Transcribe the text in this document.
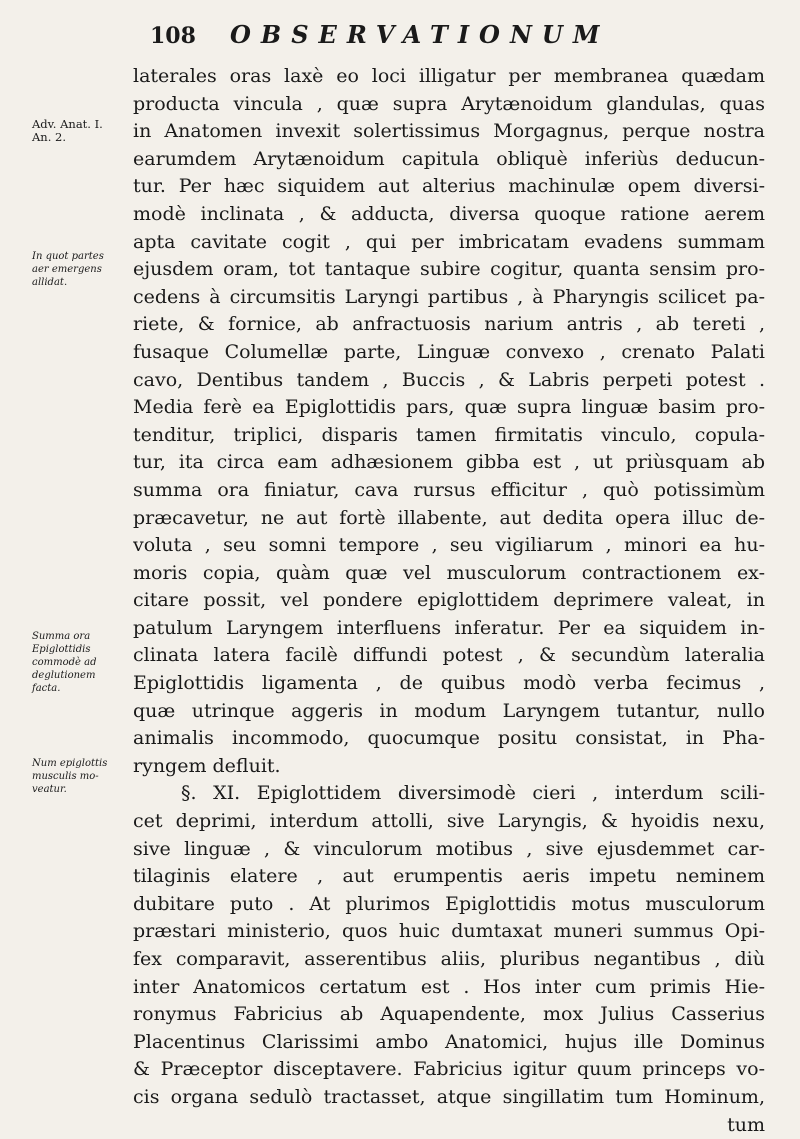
108	OBSERVATIONUM
Adv. Anat. I.
An. 2.
In quot partes
aer emergens
allidat.
Summa ora
Epiglottidis
commodè ad
deglutionem
facta.
Num epiglottis
musculis mo-
veatur.
laterales oras laxè eo loci illigatur per membranea quædam
producta vincula , quæ supra Arytænoidum glandulas, quas
in Anatomen invexit solertissimus Morgagnus, perque nostra
earumdem Arytænoidum capitula obliquè inferiùs deducun-
tur. Per hæc siquidem aut alterius machinulæ opem diversi-
modè inclinata , & adducta, diversa quoque ratione aerem
apta cavitate cogit , qui per imbricatam evadens summam
ejusdem oram, tot tantaque subire cogitur, quanta sensim pro-
cedens à circumsitis Laryngi partibus , à Pharyngis scilicet pa-
riete, & fornice, ab anfractuosis narium antris , ab tereti ,
fusaque Columellæ parte, Linguæ convexo , crenato Palati
cavo, Dentibus tandem , Buccis , & Labris perpeti potest .
Media ferè ea Epiglottidis pars, quæ supra linguæ basim pro-
tenditur, triplici, disparis tamen firmitatis vinculo, copula-
tur, ita circa eam adhæsionem gibba est , ut priùsquam ab
summa ora finiatur, cava rursus efficitur , quò potissimùm
præcavetur, ne aut fortè illabente, aut dedita opera illuc de-
voluta , seu somni tempore , seu vigiliarum , minori ea hu-
moris copia, quàm quæ vel musculorum contractionem ex-
citare possit, vel pondere epiglottidem deprimere valeat, in
patulum Laryngem interfluens inferatur. Per ea siquidem in-
clinata latera facilè diffundi potest , & secundùm lateralia
Epiglottidis ligamenta , de quibus modò verba fecimus ,
quæ utrinque aggeris in modum Laryngem tutantur, nullo
animalis incommodo, quocumque positu consistat, in Pha-
ryngem defluit.
§. XI. Epiglottidem diversimodè cieri , interdum scili-
cet deprimi, interdum attolli, sive Laryngis, & hyoidis nexu,
sive linguæ , & vinculorum motibus , sive ejusdemmet car-
tilaginis elatere , aut erumpentis aeris impetu neminem
dubitare puto . At plurimos Epiglottidis motus musculorum
præstari ministerio, quos huic dumtaxat muneri summus Opi-
fex comparavit, asserentibus aliis, pluribus negantibus , diù
inter Anatomicos certatum est . Hos inter cum primis Hie-
ronymus Fabricius ab Aquapendente, mox Julius Casserius
Placentinus Clarissimi ambo Anatomici, hujus ille Dominus
& Præceptor disceptavere. Fabricius igitur quum princeps vo-
cis organa sedulò tractasset, atque singillatim tum Hominum,
tum
